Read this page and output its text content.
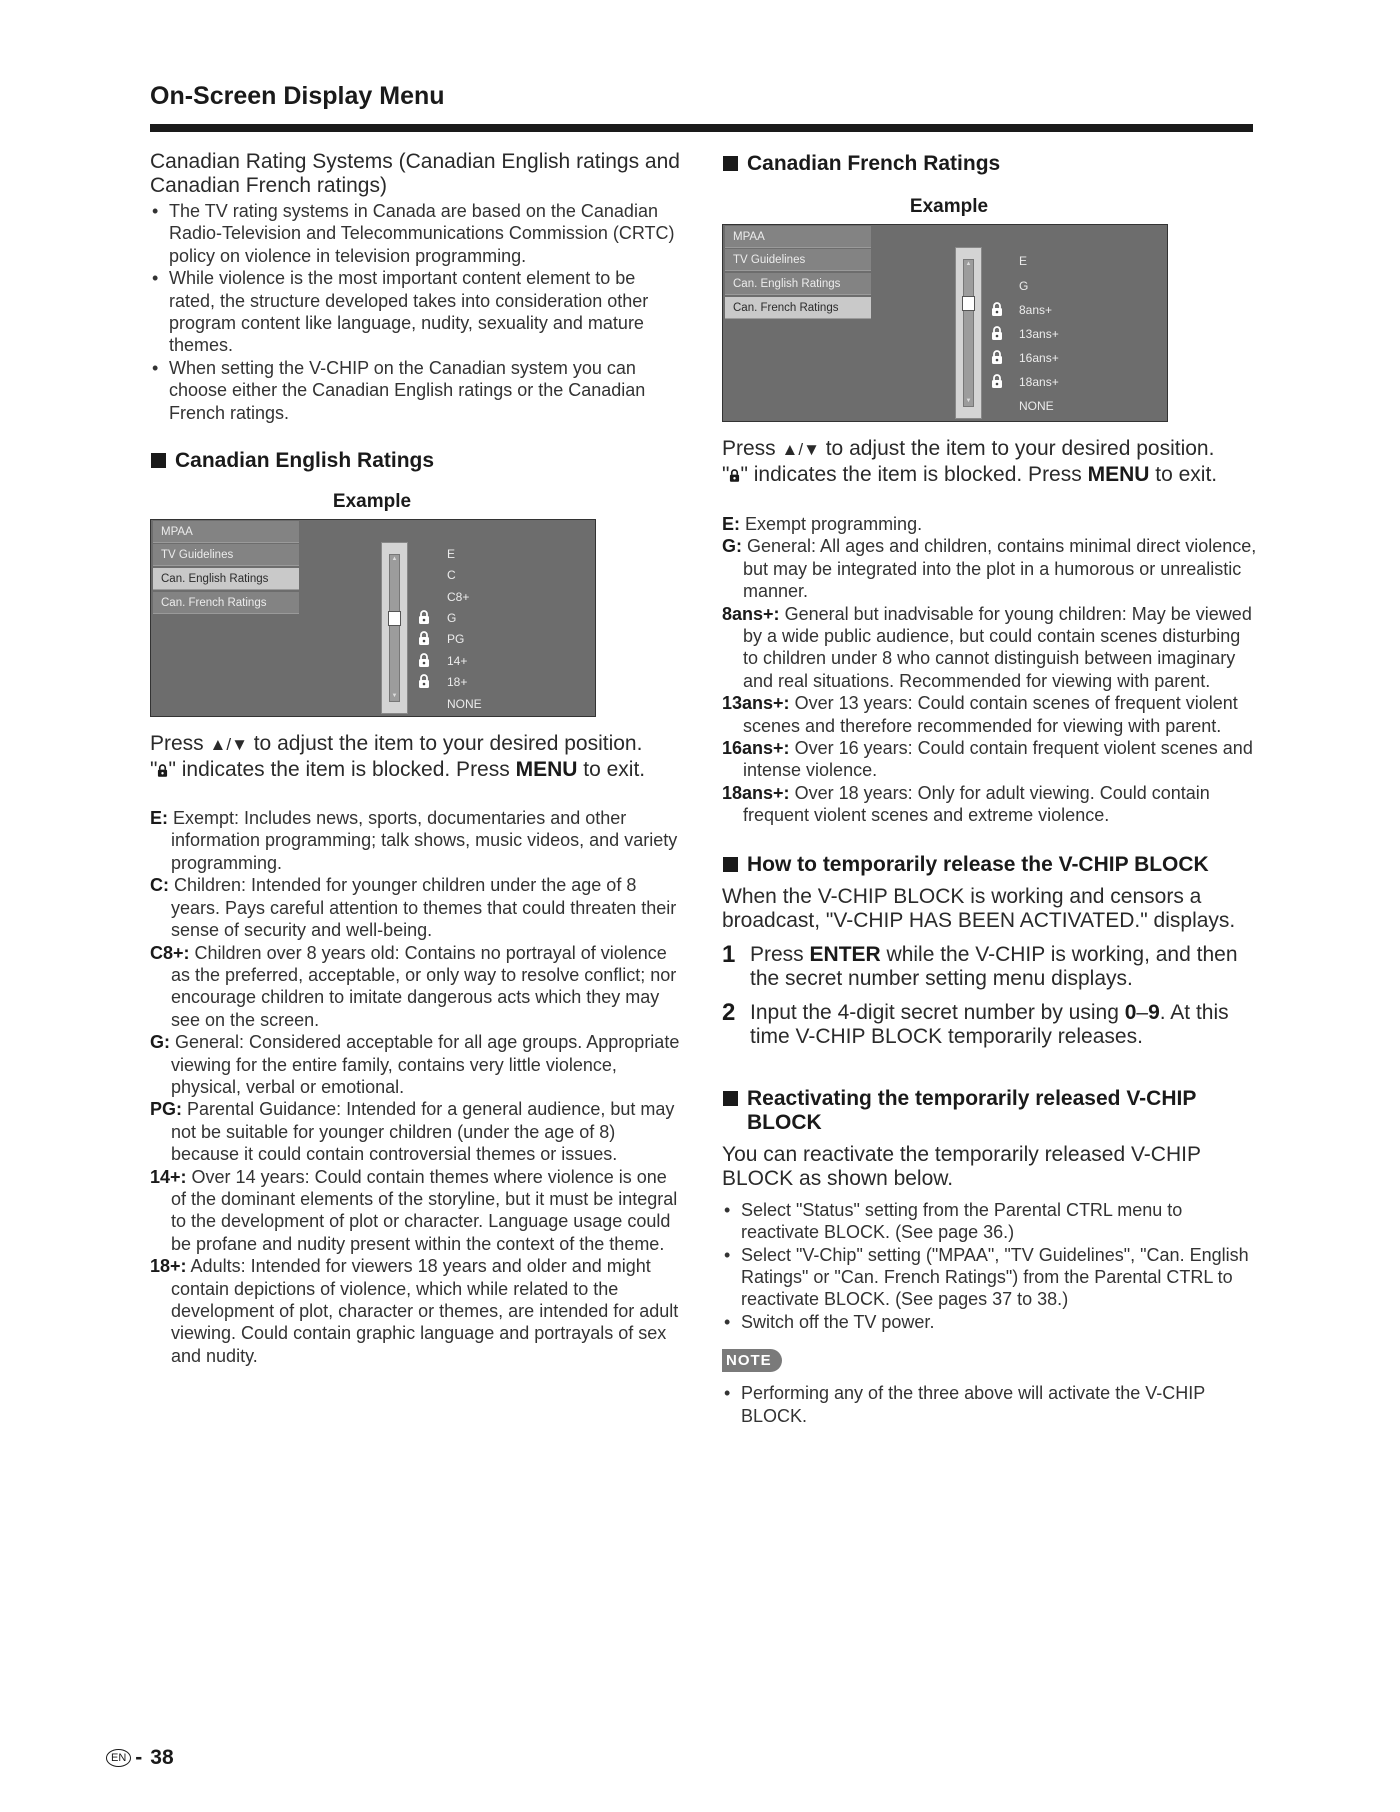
On-Screen Display Menu
Canadian Rating Systems (Canadian English ratings and Canadian French ratings)
• The TV rating systems in Canada are based on the Canadian Radio-Television and Telecommunications Commission (CRTC) policy on violence in television programming.
• While violence is the most important content element to be rated, the structure developed takes into consideration other program content like language, nudity, sexuality and mature themes.
• When setting the V-CHIP on the Canadian system you can choose either the Canadian English ratings or the Canadian French ratings.
Canadian English Ratings
Example
MPAA
TV Guidelines
Can. English Ratings
Can. French Ratings
▲
▼
E
C
C8+
G
PG
14+
18+
NONE
Press ▲/▼ to adjust the item to your desired position.
" " indicates the item is blocked. Press MENU to exit.
E: Exempt: Includes news, sports, documentaries and other information programming; talk shows, music videos, and variety programming.
C: Children: Intended for younger children under the age of 8 years. Pays careful attention to themes that could threaten their sense of security and well-being.
C8+: Children over 8 years old: Contains no portrayal of violence as the preferred, acceptable, or only way to resolve conflict; nor encourage children to imitate dangerous acts which they may see on the screen.
G: General: Considered acceptable for all age groups. Appropriate viewing for the entire family, contains very little violence, physical, verbal or emotional.
PG: Parental Guidance: Intended for a general audience, but may not be suitable for younger children (under the age of 8) because it could contain controversial themes or issues.
14+: Over 14 years: Could contain themes where violence is one of the dominant elements of the storyline, but it must be integral to the development of plot or character. Language usage could be profane and nudity present within the context of the theme.
18+: Adults: Intended for viewers 18 years and older and might contain depictions of violence, which while related to the development of plot, character or themes, are intended for adult viewing. Could contain graphic language and portrayals of sex and nudity.
Canadian French Ratings
Example
MPAA
TV Guidelines
Can. English Ratings
Can. French Ratings
▲
▼
E
G
8ans+
13ans+
16ans+
18ans+
NONE
Press ▲/▼ to adjust the item to your desired position.
" " indicates the item is blocked. Press MENU to exit.
E: Exempt programming.
G: General: All ages and children, contains minimal direct violence, but may be integrated into the plot in a humorous or unrealistic manner.
8ans+: General but inadvisable for young children: May be viewed by a wide public audience, but could contain scenes disturbing to children under 8 who cannot distinguish between imaginary and real situations. Recommended for viewing with parent.
13ans+: Over 13 years: Could contain scenes of frequent violent scenes and therefore recommended for viewing with parent.
16ans+: Over 16 years: Could contain frequent violent scenes and intense violence.
18ans+: Over 18 years: Only for adult viewing. Could contain frequent violent scenes and extreme violence.
How to temporarily release the V-CHIP BLOCK
When the V-CHIP BLOCK is working and censors a broadcast, "V-CHIP HAS BEEN ACTIVATED." displays.
1 Press ENTER while the V-CHIP is working, and then the secret number setting menu displays.
2 Input the 4-digit secret number by using 0–9. At this time V-CHIP BLOCK temporarily releases.
Reactivating the temporarily released V-CHIP BLOCK
You can reactivate the temporarily released V-CHIP BLOCK as shown below.
• Select "Status" setting from the Parental CTRL menu to reactivate BLOCK. (See page 36.)
• Select "V-Chip" setting ("MPAA", "TV Guidelines", "Can. English Ratings" or "Can. French Ratings") from the Parental CTRL to reactivate BLOCK. (See pages 37 to 38.)
• Switch off the TV power.
NOTE
• Performing any of the three above will activate the V-CHIP BLOCK.
EN - 38
